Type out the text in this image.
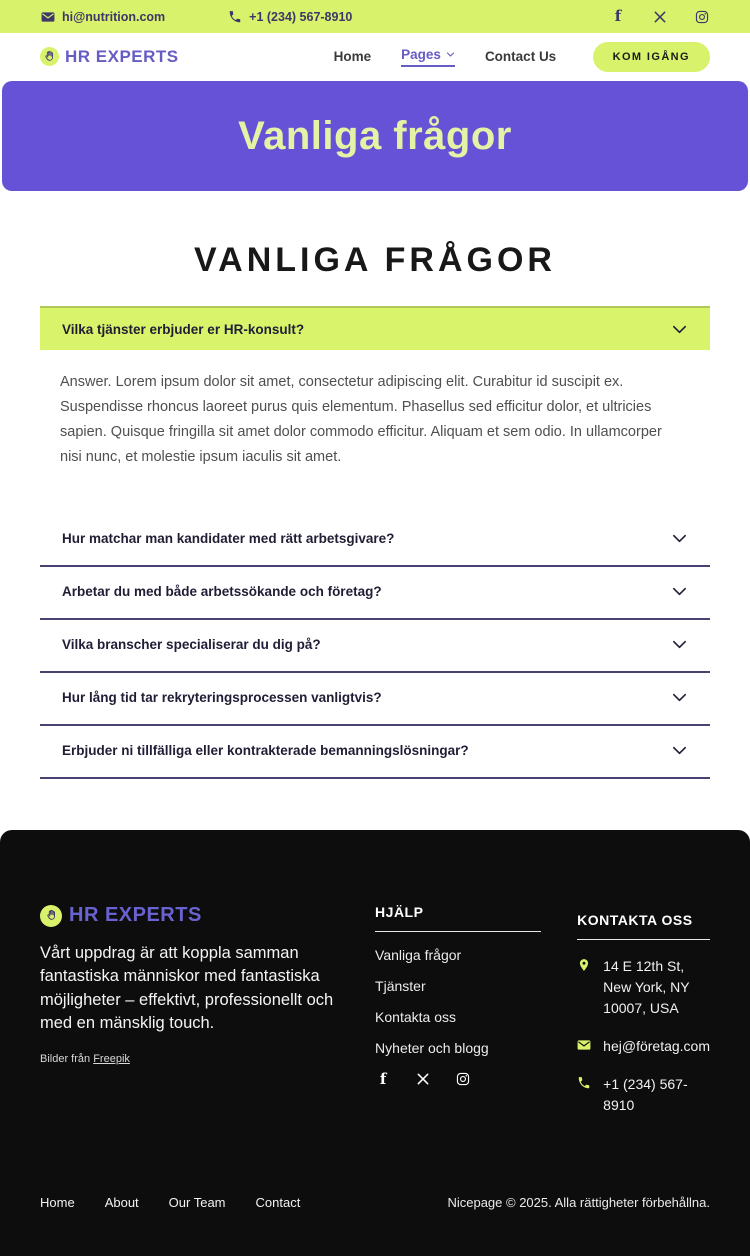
hi@nutrition.com	+1 (234) 567-8910	f
HR EXPERTS	Home Pages	Contact Us	KOM IGÅNG
Vanliga frågor
VANLIGA FRÅGOR
Vilka tjänster erbjuder er HR-konsult?

Answer. Lorem ipsum dolor sit amet, consectetur adipiscing elit. Curabitur id suscipit ex. Suspendisse rhoncus laoreet purus quis elementum. Phasellus sed efficitur dolor, et ultricies sapien. Quisque fringilla sit amet dolor commodo efficitur. Aliquam et sem odio. In ullamcorper nisi nunc, et molestie ipsum iaculis sit amet.

Hur matchar man kandidater med rätt arbetsgivare?
Arbetar du med både arbetssökande och företag?
Vilka branscher specialiserar du dig på?
Hur lång tid tar rekryteringsprocessen vanligtvis?
Erbjuder ni tillfälliga eller kontrakterade bemanningslösningar?
HR EXPERTS

Vårt uppdrag är att koppla samman fantastiska människor med fantastiska möjligheter – effektivt, professionellt och med en mänsklig touch.

Bilder från Freepik

HJÄLP
Vanliga frågor
Tjänster
Kontakta oss
Nyheter och blogg
f
KONTAKTA OSS
14 E 12th St, New York, NY 10007, USA
hej@företag.com
+1 (234) 567-8910
Home About Our Team Contact	Nicepage © 2025. Alla rättigheter förbehållna.
